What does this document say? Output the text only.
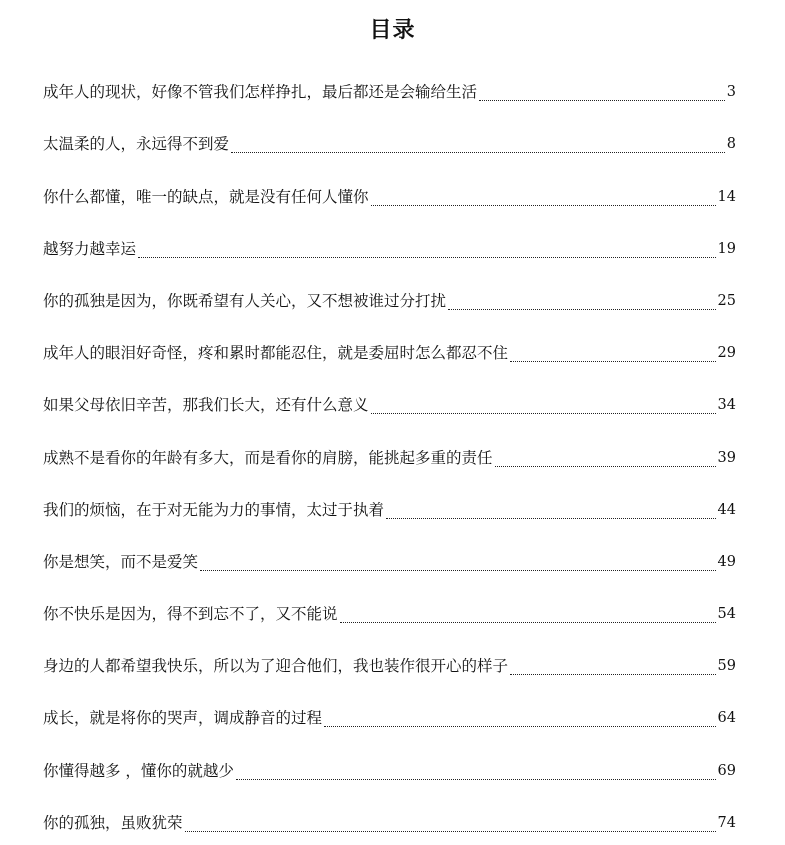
目录
成年人的现状，好像不管我们怎样挣扎，最后都还是会输给生活	3
太温柔的人，永远得不到爱	8
你什么都懂，唯一的缺点，就是没有任何人懂你	14
越努力越幸运	19
你的孤独是因为，你既希望有人关心，又不想被谁过分打扰	25
成年人的眼泪好奇怪，疼和累时都能忍住，就是委屈时怎么都忍不住	29
如果父母依旧辛苦，那我们长大，还有什么意义	34
成熟不是看你的年龄有多大，而是看你的肩膀，能挑起多重的责任	39
我们的烦恼，在于对无能为力的事情，太过于执着	44
你是想笑，而不是爱笑	49
你不快乐是因为，得不到忘不了，又不能说	54
身边的人都希望我快乐，所以为了迎合他们，我也装作很开心的样子	59
成长，就是将你的哭声，调成静音的过程	64
你懂得越多 ，懂你的就越少	69
你的孤独，虽败犹荣	74
